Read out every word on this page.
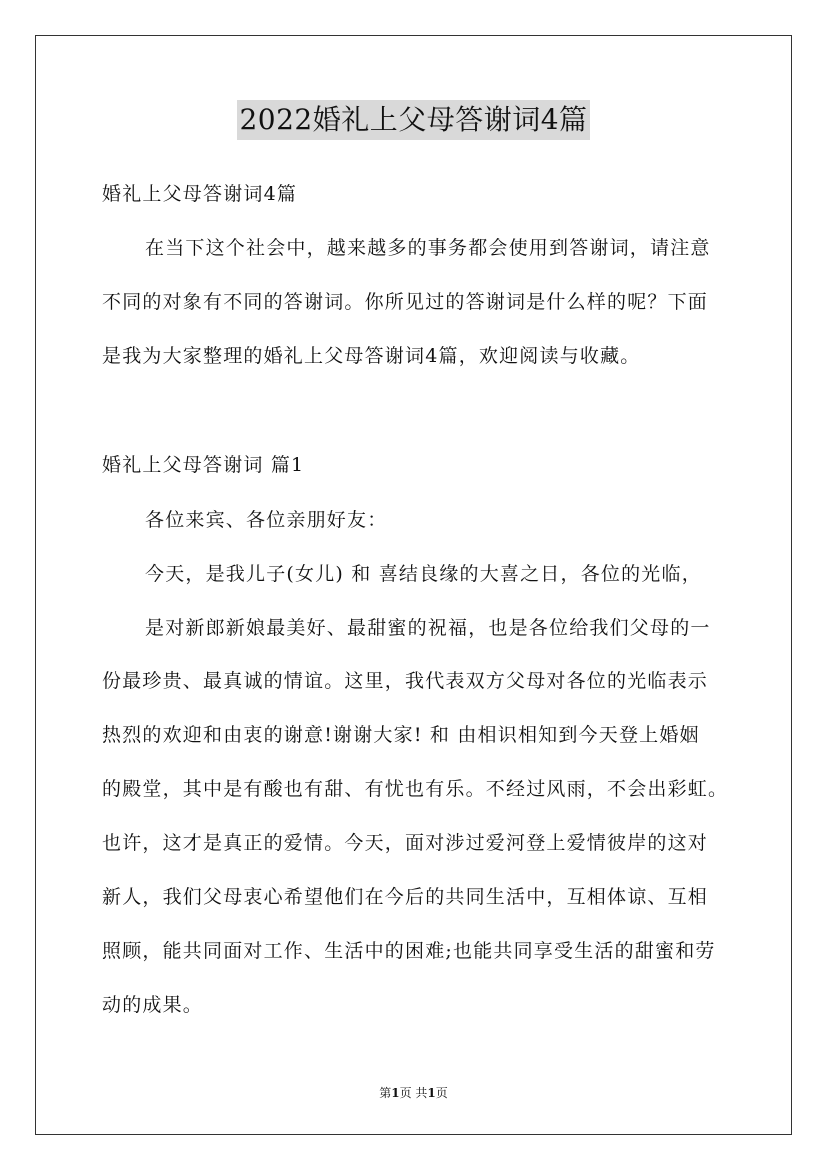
2022婚礼上父母答谢词4篇
婚礼上父母答谢词4篇
在当下这个社会中，越来越多的事务都会使用到答谢词，请注意
不同的对象有不同的答谢词。你所见过的答谢词是什么样的呢？下面
是我为大家整理的婚礼上父母答谢词4篇，欢迎阅读与收藏。
婚礼上父母答谢词 篇1
各位来宾、各位亲朋好友：
今天，是我儿子(女儿) 和 喜结良缘的大喜之日，各位的光临，
是对新郎新娘最美好、最甜蜜的祝福，也是各位给我们父母的一
份最珍贵、最真诚的情谊。这里，我代表双方父母对各位的光临表示
热烈的欢迎和由衷的谢意!谢谢大家! 和 由相识相知到今天登上婚姻
的殿堂，其中是有酸也有甜、有忧也有乐。不经过风雨，不会出彩虹。
也许，这才是真正的爱情。今天，面对涉过爱河登上爱情彼岸的这对
新人，我们父母衷心希望他们在今后的共同生活中，互相体谅、互相
照顾，能共同面对工作、生活中的困难;也能共同享受生活的甜蜜和劳
动的成果。
第1页 共1页
